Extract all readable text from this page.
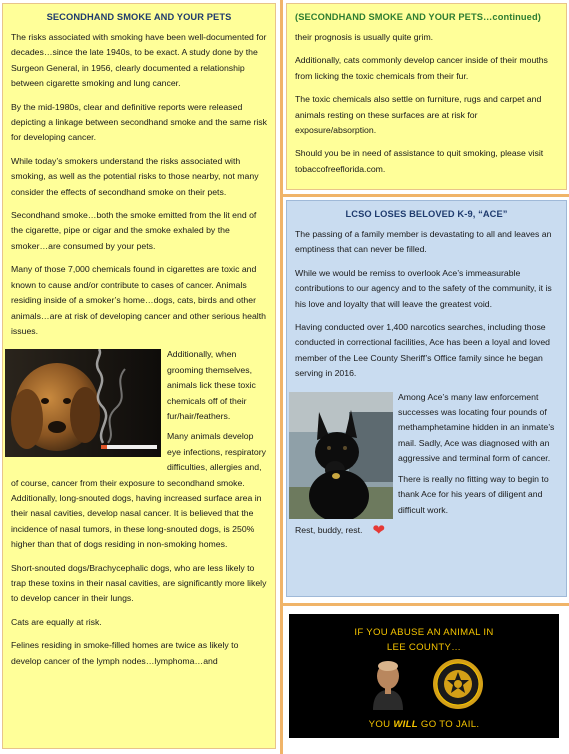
SECONDHAND SMOKE AND YOUR PETS
The risks associated with smoking have been well-documented for decades…since the late 1940s, to be exact. A study done by the Surgeon General, in 1956, clearly documented a relationship between cigarette smoking and lung cancer.
By the mid-1980s, clear and definitive reports were released depicting a linkage between secondhand smoke and the same risk for developing cancer.
While today’s smokers understand the risks associated with smoking, as well as the potential risks to those nearby, not many consider the effects of secondhand smoke on their pets.
Secondhand smoke…both the smoke emitted from the lit end of the cigarette, pipe or cigar and the smoke exhaled by the smoker…are consumed by your pets.
Many of those 7,000 chemicals found in cigarettes are toxic and known to cause and/or contribute to cases of cancer. Animals residing inside of a smoker’s home…dogs, cats, birds and other animals…are at risk of developing cancer and other serious health issues.
Additionally, when grooming themselves, animals lick these toxic chemicals off of their fur/hair/feathers.
Many animals develop eye infections, respiratory difficulties, allergies and, of course, cancer from their exposure to secondhand smoke. Additionally, long-snouted dogs, having increased surface area in their nasal cavities, develop nasal cancer. It is believed that the incidence of nasal tumors, in these long-snouted dogs, is 250% higher than that of dogs residing in non-smoking homes.
Short-snouted dogs/Brachycephalic dogs, who are less likely to trap these toxins in their nasal cavities, are significantly more likely to develop cancer in their lungs.
Cats are equally at risk.
Felines residing in smoke-filled homes are twice as likely to develop cancer of the lymph nodes…lymphoma…and
(SECONDHAND SMOKE AND YOUR PETS…continued)
their prognosis is usually quite grim.
Additionally, cats commonly develop cancer inside of their mouths from licking the toxic chemicals from their fur.
The toxic chemicals also settle on furniture, rugs and carpet and animals resting on these surfaces are at risk for exposure/absorption.
Should you be in need of assistance to quit smoking, please visit tobaccofreeflorida.com.
LCSO LOSES BELOVED K-9, “ACE”
The passing of a family member is devastating to all and leaves an emptiness that can never be filled.
While we would be remiss to overlook Ace’s immeasurable contributions to our agency and to the safety of the community, it is his love and loyalty that will leave the greatest void.
Having conducted over 1,400 narcotics searches, including those conducted in correctional facilities, Ace has been a loyal and loved member of the Lee County Sheriff’s Office family since he began serving in 2016.
Among Ace’s many law enforcement successes was locating four pounds of methamphetamine hidden in an inmate’s mail. Sadly, Ace was diagnosed with an aggressive and terminal form of cancer.
There is really no fitting way to begin to thank Ace for his years of diligent and difficult work.
Rest, buddy, rest. ❤
IF YOU ABUSE AN ANIMAL IN
LEE COUNTY…
YOU WILL GO TO JAIL.
